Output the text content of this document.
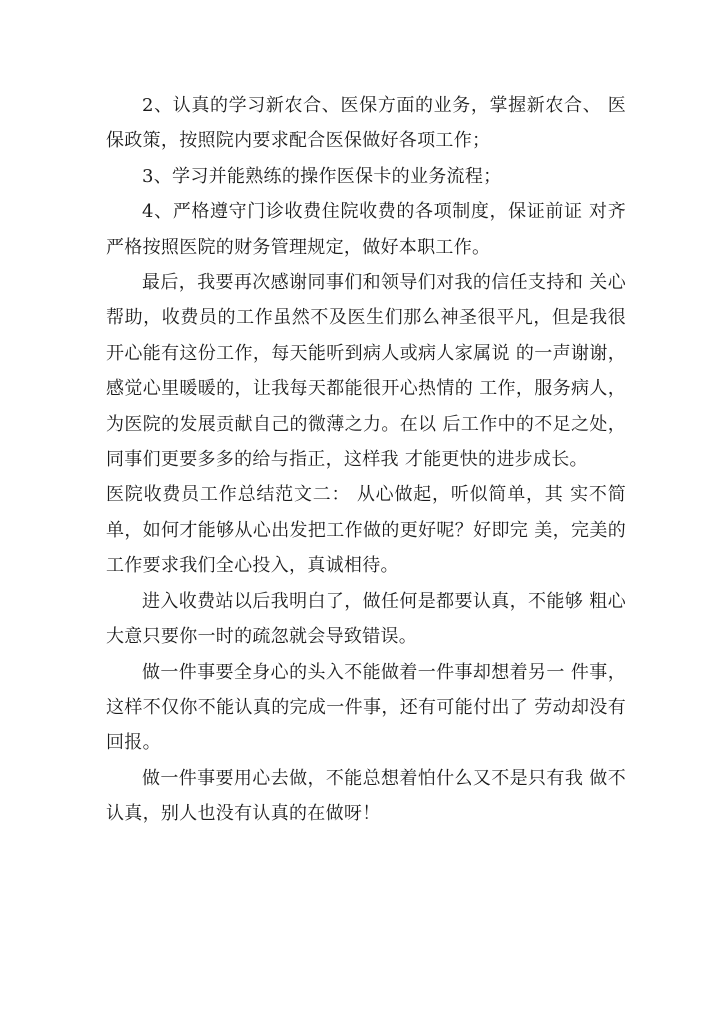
2、认真的学习新农合、医保方面的业务，掌握新农合、 医保政策，按照院内要求配合医保做好各项工作；

3、学习并能熟练的操作医保卡的业务流程；

4、严格遵守门诊收费住院收费的各项制度，保证前证 对齐严格按照医院的财务管理规定，做好本职工作。

最后，我要再次感谢同事们和领导们对我的信任支持和 关心帮助，收费员的工作虽然不及医生们那么神圣很平凡，但是我很开心能有这份工作，每天能听到病人或病人家属说 的一声谢谢，感觉心里暖暖的，让我每天都能很开心热情的 工作，服务病人，为医院的发展贡献自己的微薄之力。在以 后工作中的不足之处，同事们更要多多的给与指正，这样我 才能更快的进步成长。

医院收费员工作总结范文二： 从心做起，听似简单，其 实不简单，如何才能够从心出发把工作做的更好呢？好即完 美，完美的工作要求我们全心投入，真诚相待。

进入收费站以后我明白了，做任何是都要认真，不能够 粗心大意只要你一时的疏忽就会导致错误。

做一件事要全身心的头入不能做着一件事却想着另一 件事，这样不仅你不能认真的完成一件事，还有可能付出了 劳动却没有回报。

做一件事要用心去做，不能总想着怕什么又不是只有我 做不认真，别人也没有认真的在做呀！
